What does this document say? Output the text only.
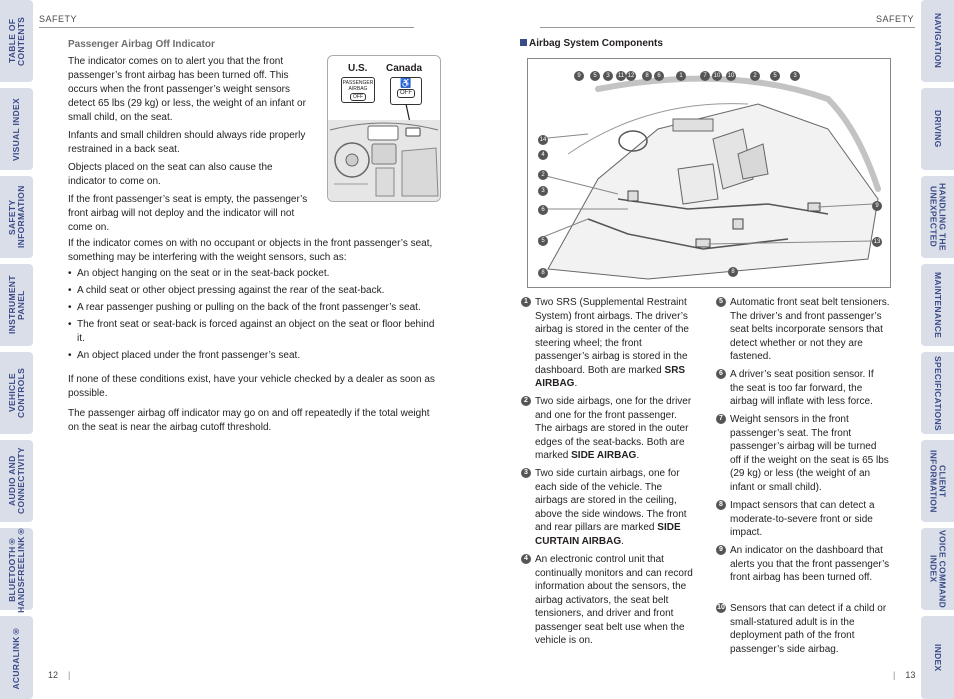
TABLE OF CONTENTS
VISUAL INDEX
SAFETY INFORMATION
INSTRUMENT PANEL
VEHICLE CONTROLS
AUDIO AND CONNECTIVITY
BLUETOOTH® HANDSFREELINK®
ACURALINK®
NAVIGATION
DRIVING
HANDLING THE UNEXPECTED
MAINTENANCE
SPECIFICATIONS
CLIENT INFORMATION
VOICE COMMAND INDEX
INDEX
SAFETY	SAFETY
Passenger Airbag Off Indicator

The indicator comes on to alert you that the front passenger’s front airbag has been turned off. This occurs when the front passenger’s weight sensors detect 65 lbs (29 kg) or less, the weight of an infant or small child, on the seat.

Infants and small children should always ride properly restrained in a back seat.

Objects placed on the seat can also cause the indicator to come on.

If the front passenger’s seat is empty, the passenger’s front airbag will not deploy and the indicator will not come on.

U.S. Canada
PASSENGER
AIRBAG
OFF
♿
OFF
If the indicator comes on with no occupant or objects in the front passenger’s seat, something may be interfering with the weight sensors, such as:
• An object hanging on the seat or in the seat-back pocket.
• A child seat or other object pressing against the rear of the seat-back.
• A rear passenger pushing or pulling on the back of the front passenger’s seat.
• The front seat or seat-back is forced against an object on the seat or floor behind it.
• An object placed under the front passenger’s seat.

If none of these conditions exist, have your vehicle checked by a dealer as soon as possible.

The passenger airbag off indicator may go on and off repeatedly if the total weight on the seat is near the airbag cutoff threshold.

12 |
Airbag System Components
9	5	3	11 12	8	6	1	7	10 10	2	5	3
14
4
2
3
6
5
8
9
13
8
1 Two SRS (Supplemental Restraint System) front airbags. The driver’s airbag is stored in the center of the steering wheel; the front passenger’s airbag is stored in the dashboard. Both are marked SRS AIRBAG.
2 Two side airbags, one for the driver and one for the front passenger. The airbags are stored in the outer edges of the seat-backs. Both are marked SIDE AIRBAG.
3 Two side curtain airbags, one for each side of the vehicle. The airbags are stored in the ceiling, above the side windows. The front and rear pillars are marked SIDE CURTAIN AIRBAG.
4 An electronic control unit that continually monitors and can record information about the sensors, the airbag activators, the seat belt tensioners, and driver and front passenger seat belt use when the vehicle is on.
5 Automatic front seat belt tensioners. The driver’s and front passenger’s seat belts incorporate sensors that detect whether or not they are fastened.
6 A driver’s seat position sensor. If the seat is too far forward, the airbag will inflate with less force.
7 Weight sensors in the front passenger’s seat. The front passenger’s airbag will be turned off if the weight on the seat is 65 lbs (29 kg) or less (the weight of an infant or small child).
8 Impact sensors that can detect a moderate-to-severe front or side impact.
9 An indicator on the dashboard that alerts you that the front passenger’s front airbag has been turned off.
10 Sensors that can detect if a child or small-statured adult is in the deployment path of the front passenger’s side airbag.
| 13
